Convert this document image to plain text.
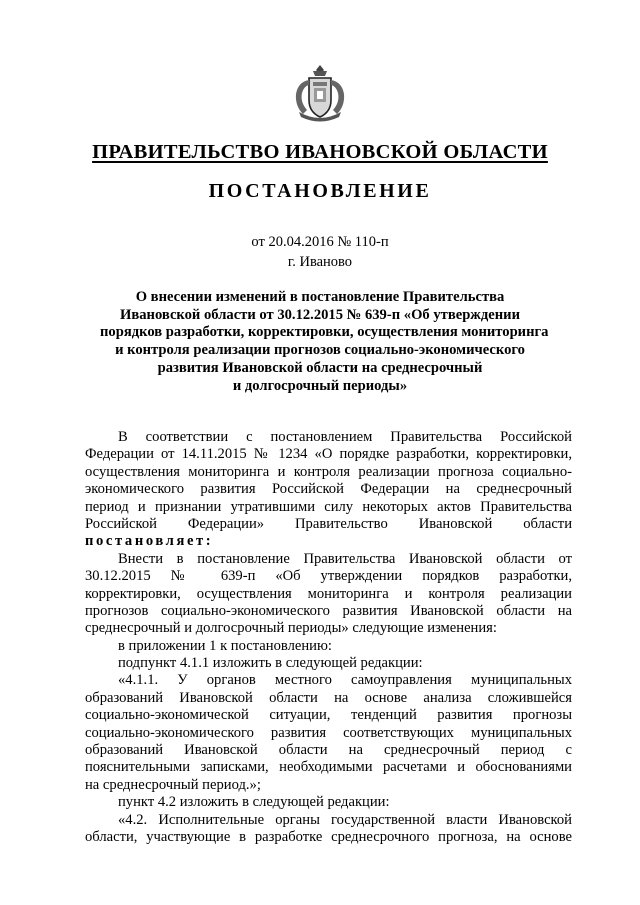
ПРАВИТЕЛЬСТВО ИВАНОВСКОЙ ОБЛАСТИ
ПОСТАНОВЛЕНИЕ
от 20.04.2016 № 110-п
г. Иваново
О внесении изменений в постановление Правительства
Ивановской области от 30.12.2015 № 639-п «Об утверждении
порядков разработки, корректировки, осуществления мониторинга
и контроля реализации прогнозов социально-экономического
развития Ивановской области на среднесрочный
и долгосрочный периоды»
В соответствии с постановлением Правительства Российской
Федерации от 14.11.2015 № 1234 «О порядке разработки, корректировки,
осуществления мониторинга и контроля реализации прогноза социально-
экономического развития Российской Федерации на среднесрочный
период и признании утратившими силу некоторых актов Правительства
Российской Федерации» Правительство Ивановской области
постановляет:
Внести в постановление Правительства Ивановской области от
30.12.2015 № 639-п «Об утверждении порядков разработки,
корректировки, осуществления мониторинга и контроля реализации
прогнозов социально-экономического развития Ивановской области на
среднесрочный и долгосрочный периоды» следующие изменения:
в приложении 1 к постановлению:
подпункт 4.1.1 изложить в следующей редакции:
«4.1.1. У органов местного самоуправления муниципальных
образований Ивановской области на основе анализа сложившейся
социально-экономической ситуации, тенденций развития прогнозы
социально-экономического развития соответствующих муниципальных
образований Ивановской области на среднесрочный период с
пояснительными записками, необходимыми расчетами и обоснованиями
на среднесрочный период.»;
пункт 4.2 изложить в следующей редакции:
«4.2. Исполнительные органы государственной власти Ивановской
области, участвующие в разработке среднесрочного прогноза, на основе
